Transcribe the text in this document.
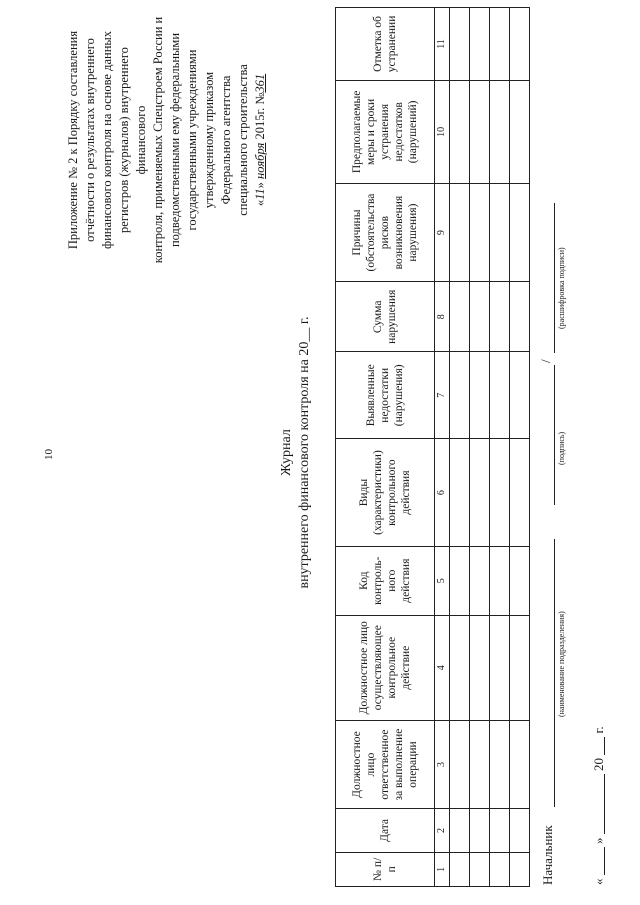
10
Приложение № 2 к Порядку составления отчётности о результатах внутреннего финансового контроля на основе данных регистров (журналов) внутреннего финансового контроля, применяемых Спецстроем России и подведомственными ему федеральными государственными учреждениями утвержденному приказом Федерального агентства специального строительства «11» ноября 2015г. №361
Журнал внутреннего финансового контроля на 20__ г.
№ п/п	Дата	Должностное лицо ответственное за выполнение операции	Должностное лицо осуществляющее контрольное действие	Код контроль-ного действия	Виды (характеристики) контрольного действия	Выявленные недостатки (нарушения)	Сумма нарушения	Причины (обстоятельства рисков возникновения нарушения)	Предполагаемые меры и сроки устранения недостатков (нарушений)	Отметка об устранении
1	2	3	4	5	6	7	8	9	10	11

Начальник
(наименование подразделения)
(подпись)
/
(расшифровка подписи)
«  »  20  г.
